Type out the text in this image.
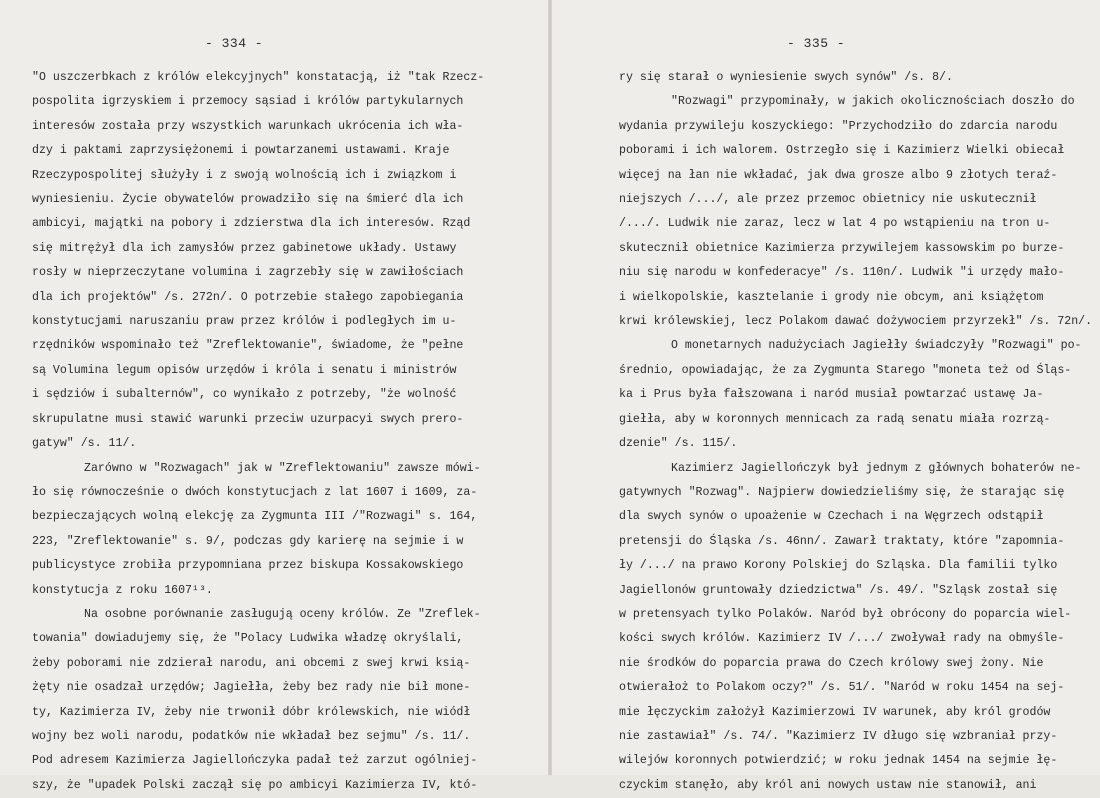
- 334 -
"O uszczerbkach z królów elekcyjnych" konstatacją, iż "tak Rzecz-
pospolita igrzyskiem i przemocy sąsiad i królów partykularnych
interesów została przy wszystkich warunkach ukrócenia ich wła-
dzy i paktami zaprzysiężonemi i powtarzanemi ustawami. Kraje
Rzeczypospolitej służyły i z swoją wolnością ich i związkom i
wyniesieniu. Życie obywatelów prowadziło się na śmierć dla ich
ambicyi, majątki na pobory i zdzierstwa dla ich interesów. Rząd
się mitrężył dla ich zamysłów przez gabinetowe układy. Ustawy
rosły w nieprzeczytane volumina i zagrzebły się w zawiłościach
dla ich projektów" /s. 272n/. O potrzebie stałego zapobiegania
konstytucjami naruszaniu praw przez królów i podległych im u-
rzędników wspominało też "Zreflektowanie", świadome, że "pełne
są Volumina legum opisów urzędów i króla i senatu i ministrów
i sędziów i subalternów", co wynikało z potrzeby, "że wolność
skrupulatne musi stawić warunki przeciw uzurpacyi swych prero-
gatyw" /s. 11/.
Zarówno w "Rozwagach" jak w "Zreflektowaniu" zawsze mówi-
ło się równocześnie o dwóch konstytucjach z lat 1607 i 1609, za-
bezpieczających wolną elekcję za Zygmunta III /"Rozwagi" s. 164,
223, "Zreflektowanie" s. 9/, podczas gdy karierę na sejmie i w
publicystyce zrobiła przypomniana przez biskupa Kossakowskiego
konstytucja z roku 1607¹³.
Na osobne porównanie zasługują oceny królów. Ze "Zreflek-
towania" dowiadujemy się, że "Polacy Ludwika władzę okryślali,
żeby poborami nie zdzierał narodu, ani obcemi z swej krwi ksią-
żęty nie osadzał urzędów; Jagiełła, żeby bez rady nie bił mone-
ty, Kazimierza IV, żeby nie trwonił dóbr królewskich, nie wiódł
wojny bez woli narodu, podatków nie wkładał bez sejmu" /s. 11/.
Pod adresem Kazimierza Jagiellończyka padał też zarzut ogólniej-
szy, że "upadek Polski zaczął się po ambicyi Kazimierza IV, któ-
- 335 -
ry się starał o wyniesienie swych synów" /s. 8/.
"Rozwagi" przypominały, w jakich okolicznościach doszło do
wydania przywileju koszyckiego: "Przychodziło do zdarcia narodu
poborami i ich walorem. Ostrzegło się i Kazimierz Wielki obiecał
więcej na łan nie wkładać, jak dwa grosze albo 9 złotych teraź-
niejszych /.../, ale przez przemoc obietnicy nie uskutecznił
/.../. Ludwik nie zaraz, lecz w lat 4 po wstąpieniu na tron u-
skutecznił obietnice Kazimierza przywilejem kassowskim po burze-
niu się narodu w konfederacye" /s. 110n/. Ludwik "i urzędy mało-
i wielkopolskie, kasztelanie i grody nie obcym, ani książętom
krwi królewskiej, lecz Polakom dawać dożywociem przyrzekł" /s. 72n/.
O monetarnych nadużyciach Jagiełły świadczyły "Rozwagi" po-
średnio, opowiadając, że za Zygmunta Starego "moneta też od Śląs-
ka i Prus była fałszowana i naród musiał powtarzać ustawę Ja-
giełła, aby w koronnych mennicach za radą senatu miała rozrzą-
dzenie" /s. 115/.
Kazimierz Jagiellończyk był jednym z głównych bohaterów ne-
gatywnych "Rozwag". Najpierw dowiedzieliśmy się, że starając się
dla swych synów o upoażenie w Czechach i na Węgrzech odstąpił
pretensji do Śląska /s. 46nn/. Zawarł traktaty, które "zapomnia-
ły /.../ na prawo Korony Polskiej do Szląska. Dla familii tylko
Jagiellonów gruntowały dziedzictwa" /s. 49/. "Szląsk został się
w pretensyach tylko Polaków. Naród był obrócony do poparcia wiel-
kości swych królów. Kazimierz IV /.../ zwoływał rady na obmyśle-
nie środków do poparcia prawa do Czech królowy swej żony. Nie
otwierałoż to Polakom oczy?" /s. 51/. "Naród w roku 1454 na sej-
mie łęczyckim założył Kazimierzowi IV warunek, aby król grodów
nie zastawiał" /s. 74/. "Kazimierz IV długo się wzbraniał przy-
wilejów koronnych potwierdzić; w roku jednak 1454 na sejmie łę-
czyckim stanęło, aby król ani nowych ustaw nie stanowił, ani
